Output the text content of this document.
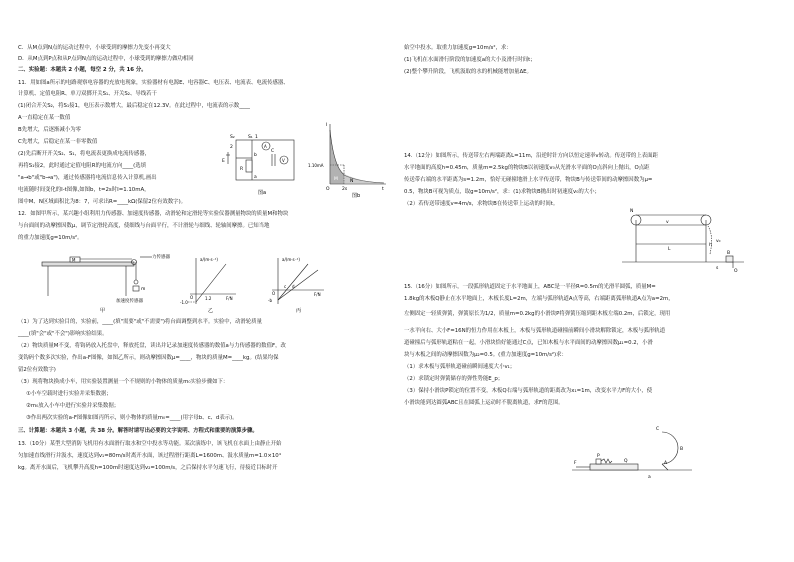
C．从M点到N点的运动过程中，小球受到的摩擦力先变小再变大
D．从M点到P点和从P点到N点的运动过程中，小球受到的摩擦力做功相同
二、实验题：本题共 2 小题，每空 2 分，共 16 分。
11．用如图a所示的电路观察电容器的充放电现象，实验器材有电源E、电容器C、电压表、电流表、电流传感器、
计算机、定值电阻R、单刀双掷开关S₁、开关S₂、导线若干
(1)闭合开关S₂，将S₁接1，电压表示数增大，最后稳定在12.3V。在此过程中，电流表的示数____
A一直稳定在某一数值
B先增大，后逐渐减小为零
C先增大，后稳定在某一非零数值
(2)先后断开开关S₂、S₁，将电流表更换成电流传感器，
再将S₁接2，此时通过定值电阻R的电流方向____(选填
"a→b"或"b→a")，通过传感器将电流信息传入计算机,画出
电流随时间变化的I-t图像,如图b，t=2s时I=1.10mA，
图中M、N区域面积比为8：7，可求出R=____kΩ(保留2位有效数字)。
12．如图甲所示，某兴趣小组利用力传感器、加速度传感器，动滑轮和定滑轮等实验仪器测量物块的质量M和物块
与台面间的动摩擦因数μ，调节定滑轮高度，使细线与台面平行，不计滑轮与细线、轮轴间摩擦。已知当地
的重力加速度g=10m/s²。
（1）为了达到实验目的，实验前，____(填"需要"或"不需要")将台面调整到水平。实验中，动滑轮质量
____(填"会"或"不会")影响实验结果。
（2）物块质量M不变，将钩码放入托盘中，释放托盘，读出并记录加速度传感器的数值a与力传感器的数值F，改
变钩码个数多次实验，作出a-F图像，如图乙所示，则动摩擦因数μ=____，物块的质量M=____kg。(结果均保
留2位有效数字)
（3）现将物块换成小车，用实验装置测量一个不规则的小物体的质量m₀实验步骤如下：
①小车空载时进行实验并采集数据；
②m₀放入小车中进行实验并采集数据；
③作出两次实验的a-F图像如图丙所示，则小物体的质量m₀=____(用字母b、c、d表示)。
三、计算题：本题共 3 小题，共 38 分。解答时请写出必要的文字说明、方程式和重要的演算步骤。
13.（10分）某型大型消防飞机用有水面滑行取水和空中投水等功能。某次演练中，该飞机在水面上由静止开始
匀加速直线滑行并汲水，速度达到v₁=80m/s时离开水面，该过程滑行距离L=1600m、汲水质量m=1.0×10⁴
kg。离开水面后，飞机攀升高度h=100m时速度达到v₂=100m/s，之后保持水平匀速飞行，待接近目标时开
S₁ 1
2
S₂
E
R
A
C
V
a
b
图a
I
1.10mA
M	N
O	2s	t
图b
力传感器
M
m
加速度传感器
甲
a/(m·s⁻²)
F/N
O	1.2
-1.0
乙
a/(m·s⁻²)
F/N
O
c d
-b
丙
始空中投水。取重力加速度g=10m/s²，求：
(1)飞机在水面滑行阶段的加速度a的大小及滑行时间t；
(2)整个攀升阶段，飞机汲取的水的机械能增加量ΔE。
14.（12分）如图所示，传送带左右两端距离L=11m，沿逆时针方向以恒定速率v转动。传送带的上表面距
水平地面的高度h=0.45m，质量m=2.5kg的物块B以初速度v₀从光滑水平面的O点斜向上抛出，O点距
传送带右端的水平距离为s=1.2m，恰好无碰撞地滑上水平传送带，物块B与传送带间的动摩擦因数为μ=
0.5，物块B可视为质点，取g=10m/s²，求：(1)求物块B抛出时初速度v₀的大小；
（2）若传送带速度v=4m/s，求物块B在传送带上运动的时间t。
15.（16分）如图所示，一段弧形轨道固定于水平地面上，ABC是一半径R=0.5m的光滑半圆弧，质量M=
1.8kg的木板Q静止在水平地面上，木板长度L=2m，左端与弧形轨道A点等高，右端距离弧形轨道A点为a=2m，
左侧固定一轻质弹簧，弹簧原长为1/2，质量m=0.2kg的小滑块P将弹簧压缩到距木板左端0.2m，后锁定，现用
一水平向右、大小F=16N的恒力作用在木板上，木板与弧形轨道碰撞前瞬间小滑块解除锁定，木板与弧形轨道
道碰撞后与弧形轨道粘在一起，小滑块恰好能通过C点，已知木板与水平面间的动摩擦因数μ₁=0.2，小滑
块与木板之间的动摩擦因数为μ₂=0.5。(重力加速度g=10m/s²)求：
（1）求木板与弧形轨道碰前瞬间速度大小v₁；
（2）求锁定时弹簧储存的弹性势能E_p；
（3）保持小滑块P锁定的位置不变，木板Q右端与弧形轨道的距离改为x₁=1m，改变水平力F的大小，使
小滑块能到达圆弧ABC且在圆弧上运动时不脱离轨道，求F的范围。
N
v
L
h
v₀
B
s
O
C
B
A
F
P
Q
a
